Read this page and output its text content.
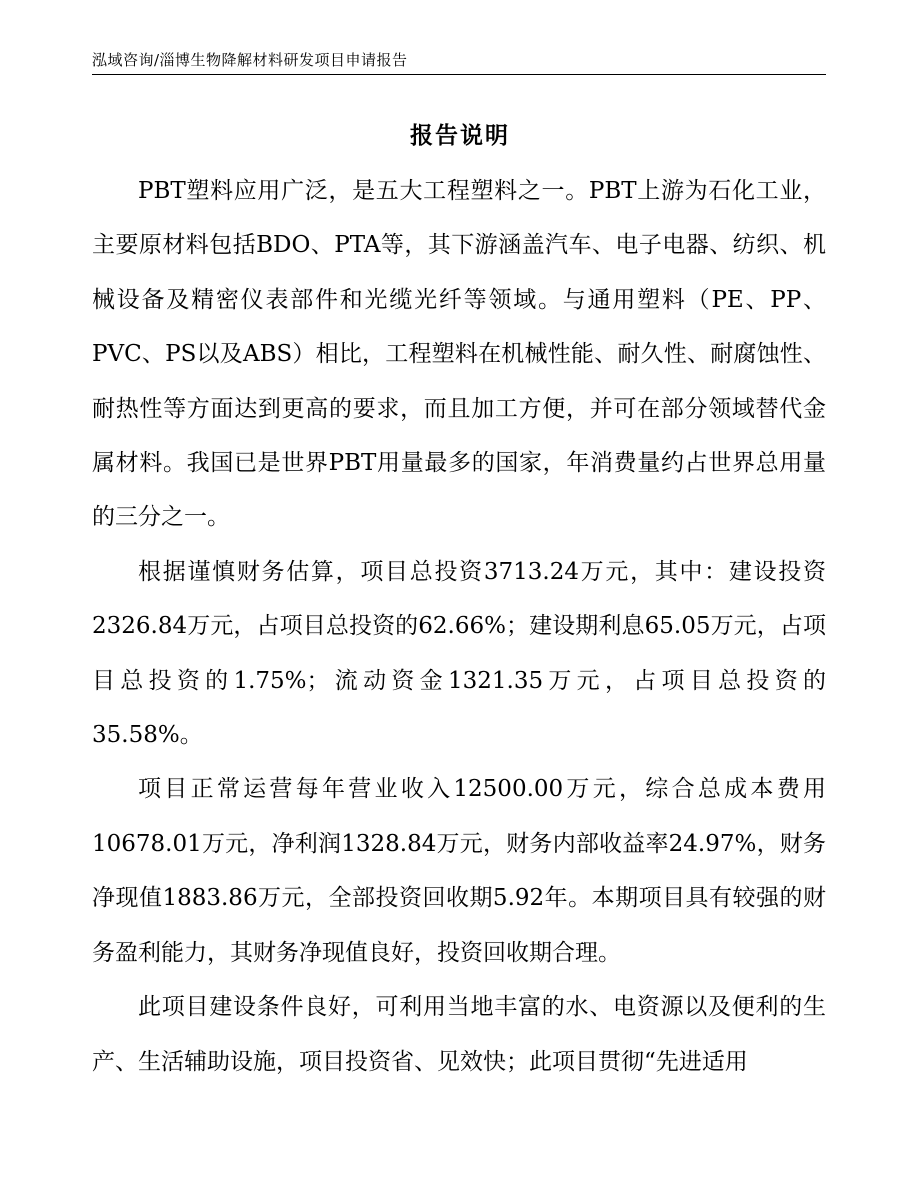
泓域咨询/淄博生物降解材料研发项目申请报告
报告说明

PBT塑料应用广泛，是五大工程塑料之一。PBT上游为石化工业，主要原材料包括BDO、PTA等，其下游涵盖汽车、电子电器、纺织、机械设备及精密仪表部件和光缆光纤等领域。与通用塑料（PE、PP、PVC、PS以及ABS）相比，工程塑料在机械性能、耐久性、耐腐蚀性、耐热性等方面达到更高的要求，而且加工方便，并可在部分领域替代金属材料。我国已是世界PBT用量最多的国家，年消费量约占世界总用量的三分之一。

根据谨慎财务估算，项目总投资3713.24万元，其中：建设投资2326.84万元，占项目总投资的62.66%；建设期利息65.05万元，占项目总投资的1.75%；流动资金1321.35万元，占项目总投资的35.58%。

项目正常运营每年营业收入12500.00万元，综合总成本费用10678.01万元，净利润1328.84万元，财务内部收益率24.97%，财务净现值1883.86万元，全部投资回收期5.92年。本期项目具有较强的财务盈利能力，其财务净现值良好，投资回收期合理。

此项目建设条件良好，可利用当地丰富的水、电资源以及便利的生产、生活辅助设施，项目投资省、见效快；此项目贯彻“先进适用
